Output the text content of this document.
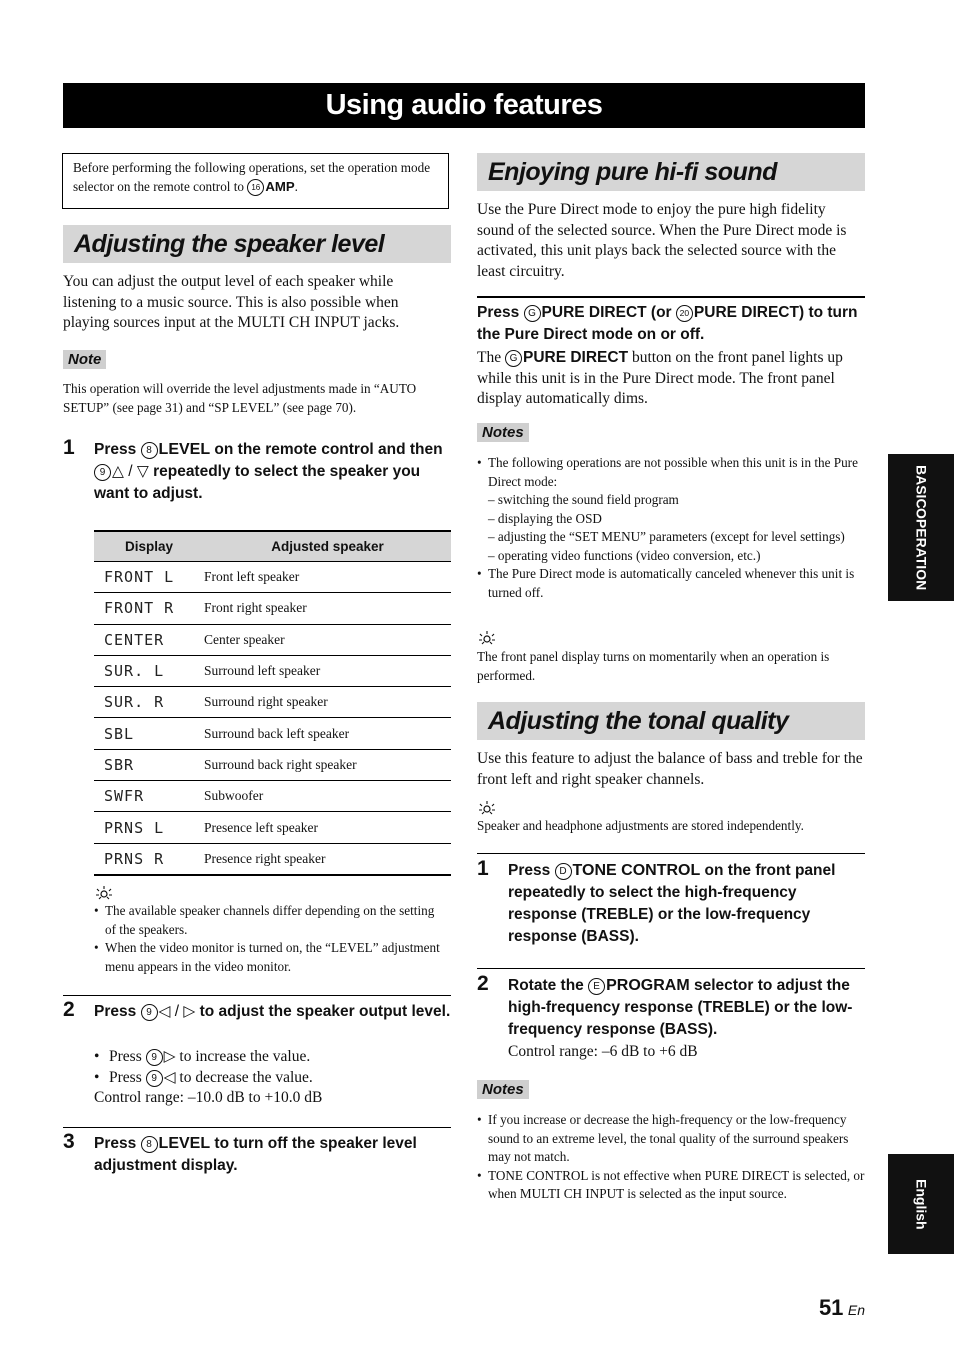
Using audio features
Before performing the following operations, set the operation mode selector on the remote control to 16 AMP.
Adjusting the speaker level
You can adjust the output level of each speaker while listening to a music source. This is also possible when playing sources input at the MULTI CH INPUT jacks.
Note
This operation will override the level adjustments made in “AUTO SETUP” (see page 31) and “SP LEVEL” (see page 70).
1 Press 8 LEVEL on the remote control and then 9 △ / ▽ repeatedly to select the speaker you want to adjust.
Display	Adjusted speaker
FRONT L	Front left speaker
FRONT R	Front right speaker
CENTER	Center speaker
SUR. L	Surround left speaker
SUR. R	Surround right speaker
SBL	Surround back left speaker
SBR	Surround back right speaker
SWFR	Subwoofer
PRNS L	Presence left speaker
PRNS R	Presence right speaker
• The available speaker channels differ depending on the setting of the speakers.
• When the video monitor is turned on, the “LEVEL” adjustment menu appears in the video monitor.
2 Press 9 ◁ / ▷ to adjust the speaker output level.
• Press 9 ▷ to increase the value.
• Press 9 ◁ to decrease the value.
Control range: –10.0 dB to +10.0 dB
3 Press 8 LEVEL to turn off the speaker level adjustment display.
Enjoying pure hi-fi sound
Use the Pure Direct mode to enjoy the pure high fidelity sound of the selected source. When the Pure Direct mode is activated, this unit plays back the selected source with the least circuitry.
Press G PURE DIRECT (or 20 PURE DIRECT) to turn the Pure Direct mode on or off.
The G PURE DIRECT button on the front panel lights up while this unit is in the Pure Direct mode. The front panel display automatically dims.
Notes
• The following operations are not possible when this unit is in the Pure Direct mode:
– switching the sound field program
– displaying the OSD
– adjusting the “SET MENU” parameters (except for level settings)
– operating video functions (video conversion, etc.)
• The Pure Direct mode is automatically canceled whenever this unit is turned off.
The front panel display turns on momentarily when an operation is performed.
Adjusting the tonal quality
Use this feature to adjust the balance of bass and treble for the front left and right speaker channels.
Speaker and headphone adjustments are stored independently.
1 Press D TONE CONTROL on the front panel repeatedly to select the high-frequency response (TREBLE) or the low-frequency response (BASS).
2 Rotate the E PROGRAM selector to adjust the high-frequency response (TREBLE) or the low-frequency response (BASS).
Control range: –6 dB to +6 dB
Notes
• If you increase or decrease the high-frequency or the low-frequency sound to an extreme level, the tonal quality of the surround speakers may not match.
• TONE CONTROL is not effective when PURE DIRECT is selected, or when MULTI CH INPUT is selected as the input source.
BASIC
OPERATION
English
51 En
